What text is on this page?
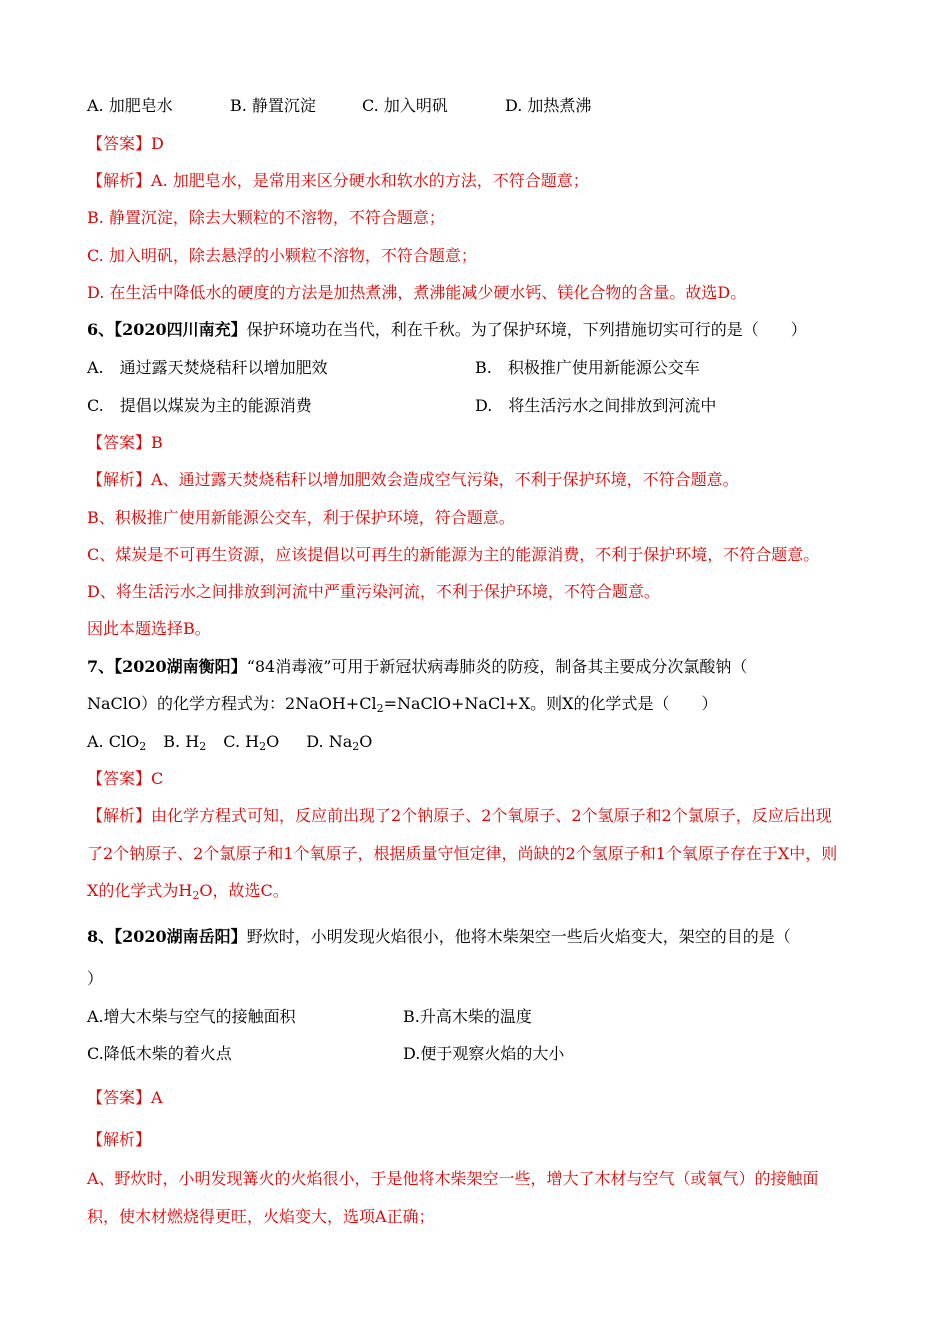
A. 加肥皂水	B. 静置沉淀	C. 加入明矾	D. 加热煮沸
【答案】D
【解析】A. 加肥皂水，是常用来区分硬水和软水的方法，不符合题意；
B. 静置沉淀，除去大颗粒的不溶物，不符合题意；
C. 加入明矾，除去悬浮的小颗粒不溶物，不符合题意；
D. 在生活中降低水的硬度的方法是加热煮沸，煮沸能减少硬水钙、镁化合物的含量。故选D。
6、【2020四川南充】保护环境功在当代，利在千秋。为了保护环境，下列措施切实可行的是（　　）
A.　通过露天焚烧秸秆以增加肥效	B.　积极推广使用新能源公交车
C.　提倡以煤炭为主的能源消费	D.　将生活污水之间排放到河流中
【答案】B
【解析】A、通过露天焚烧秸秆以增加肥效会造成空气污染，不利于保护环境，不符合题意。
B、积极推广使用新能源公交车，利于保护环境，符合题意。
C、煤炭是不可再生资源，应该提倡以可再生的新能源为主的能源消费，不利于保护环境，不符合题意。
D、将生活污水之间排放到河流中严重污染河流，不利于保护环境，不符合题意。
因此本题选择B。
7、【2020湖南衡阳】“84消毒液”可用于新冠状病毒肺炎的防疫，制备其主要成分次氯酸钠（
NaClO）的化学方程式为：$2NaOH+Cl_2=NaClO+NaCl+X$。则X的化学式是（　　）
A. ClO$_2$ B. $H_2$ C. $H_2O$ D. $Na_2O$
【答案】C
【解析】由化学方程式可知，反应前出现了2个钠原子、2个氧原子、2个氢原子和2个氯原子，反应后出现
了2个钠原子、2个氯原子和1个氧原子，根据质量守恒定律，尚缺的2个氢原子和1个氧原子存在于X中，则
X的化学式为$H_2O$，故选C。
8、【2020湖南岳阳】野炊时，小明发现火焰很小，他将木柴架空一些后火焰变大，架空的目的是（
）
A.增大木柴与空气的接触面积	B.升高木柴的温度
C.降低木柴的着火点	D.便于观察火焰的大小
【答案】A
【解析】
A、野炊时，小明发现篝火的火焰很小，于是他将木柴架空一些，增大了木材与空气（或氧气）的接触面
积，使木材燃烧得更旺，火焰变大，选项A正确；
